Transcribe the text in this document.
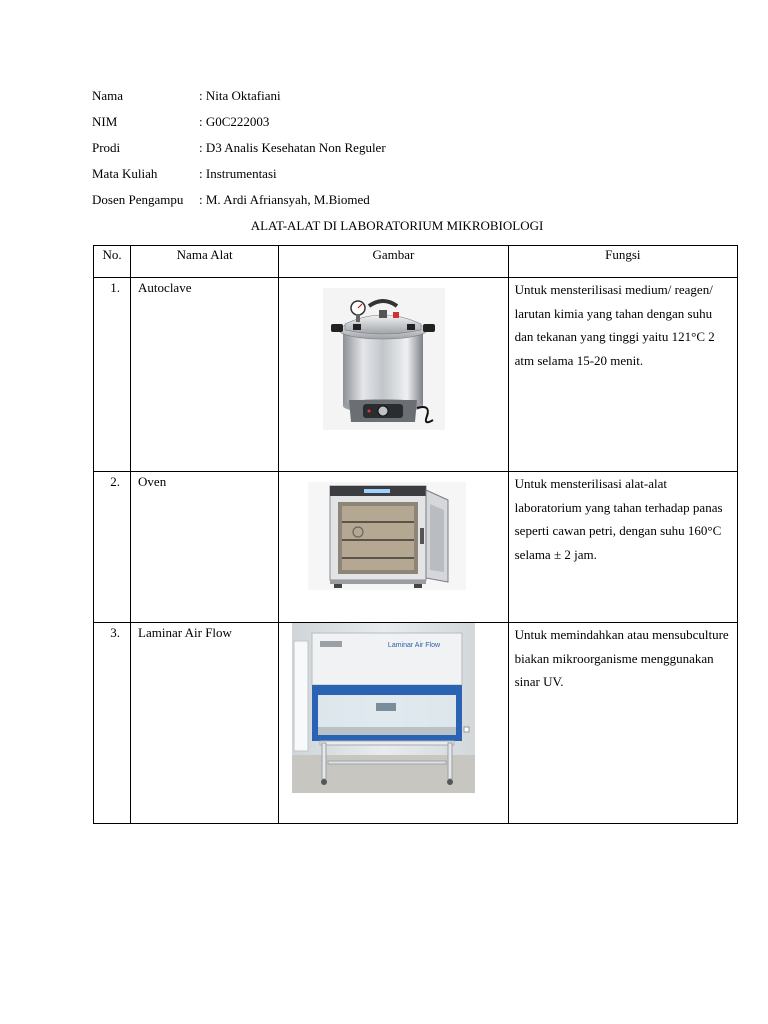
Nama	: Nita Oktafiani
NIM	: G0C222003
Prodi	: D3 Analis Kesehatan Non Reguler
Mata Kuliah	: Instrumentasi
Dosen Pengampu	: M. Ardi Afriansyah, M.Biomed
ALAT-ALAT DI LABORATORIUM MIKROBIOLOGI
No.	Nama Alat	Gambar	Fungsi
1.	Autoclave		Untuk mensterilisasi medium/ reagen/ larutan kimia yang tahan dengan suhu dan tekanan yang tinggi yaitu 121°C 2 atm selama 15-20 menit.
2.	Oven		Untuk mensterilisasi alat-alat laboratorium yang tahan terhadap panas seperti cawan petri, dengan suhu 160°C selama ± 2 jam.
3.	Laminar Air Flow	Laminar Air Flow	Untuk memindahkan atau mensubculture biakan mikroorganisme menggunakan sinar UV.
